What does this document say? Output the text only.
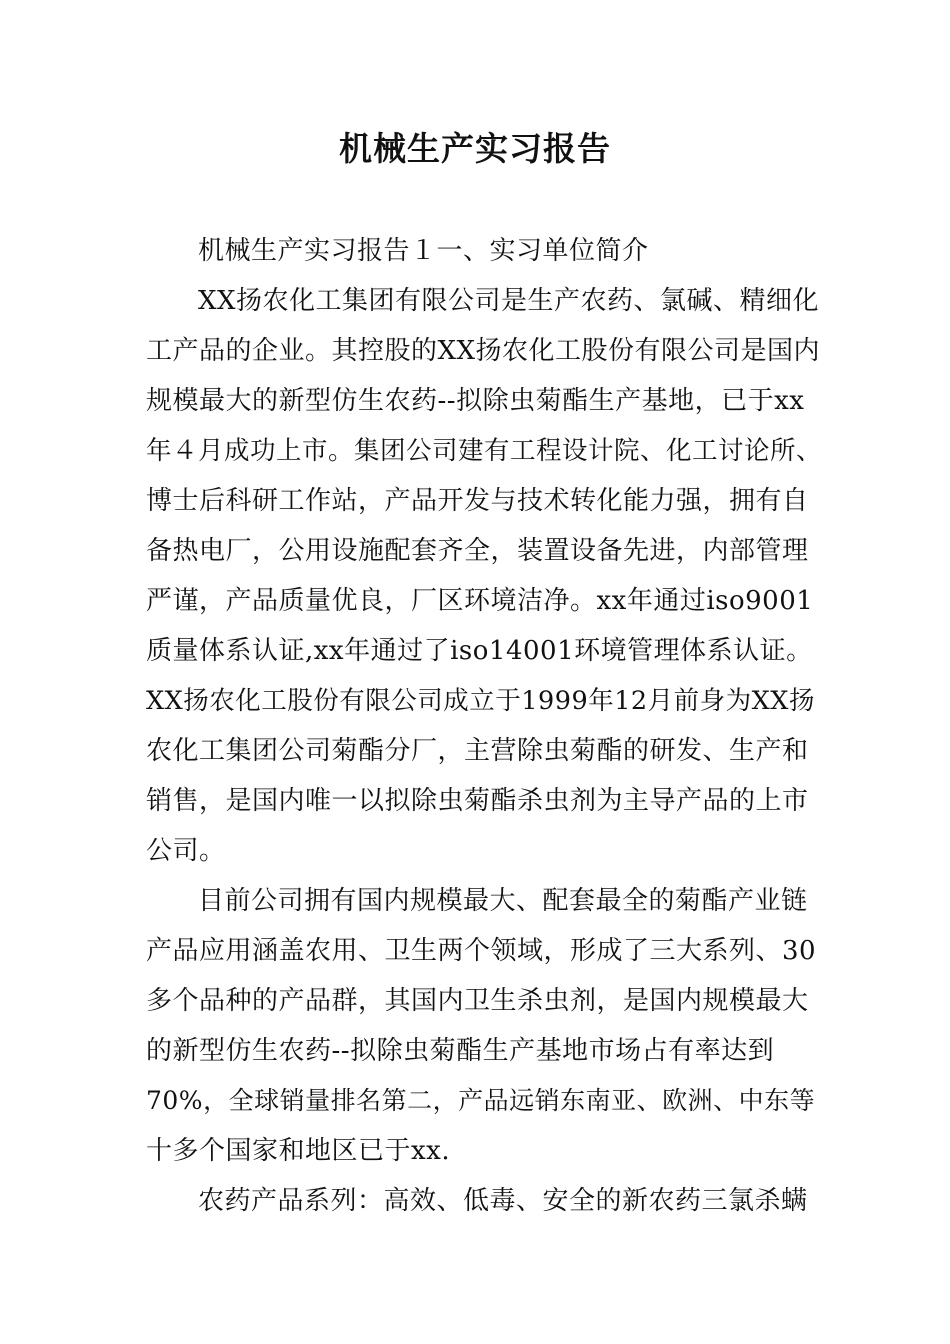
机械生产实习报告
机械生产实习报告１一、实习单位简介
XX扬农化工集团有限公司是生产农药、氯碱、精细化
工产品的企业。其控股的XX扬农化工股份有限公司是国内
规模最大的新型仿生农药--拟除虫菊酯生产基地，已于xx
年４月成功上市。集团公司建有工程设计院、化工讨论所、
博士后科研工作站，产品开发与技术转化能力强，拥有自
备热电厂，公用设施配套齐全，装置设备先进，内部管理
严谨，产品质量优良，厂区环境洁净。xx年通过iso9001
质量体系认证,xx年通过了iso14001环境管理体系认证。
XX扬农化工股份有限公司成立于1999年12月前身为XX扬
农化工集团公司菊酯分厂，主营除虫菊酯的研发、生产和
销售，是国内唯一以拟除虫菊酯杀虫剂为主导产品的上市
公司。
目前公司拥有国内规模最大、配套最全的菊酯产业链
产品应用涵盖农用、卫生两个领域，形成了三大系列、30
多个品种的产品群，其国内卫生杀虫剂，是国内规模最大
的新型仿生农药--拟除虫菊酯生产基地市场占有率达到
70%，全球销量排名第二，产品远销东南亚、欧洲、中东等
十多个国家和地区已于xx.
农药产品系列：高效、低毒、安全的新农药三氯杀螨
